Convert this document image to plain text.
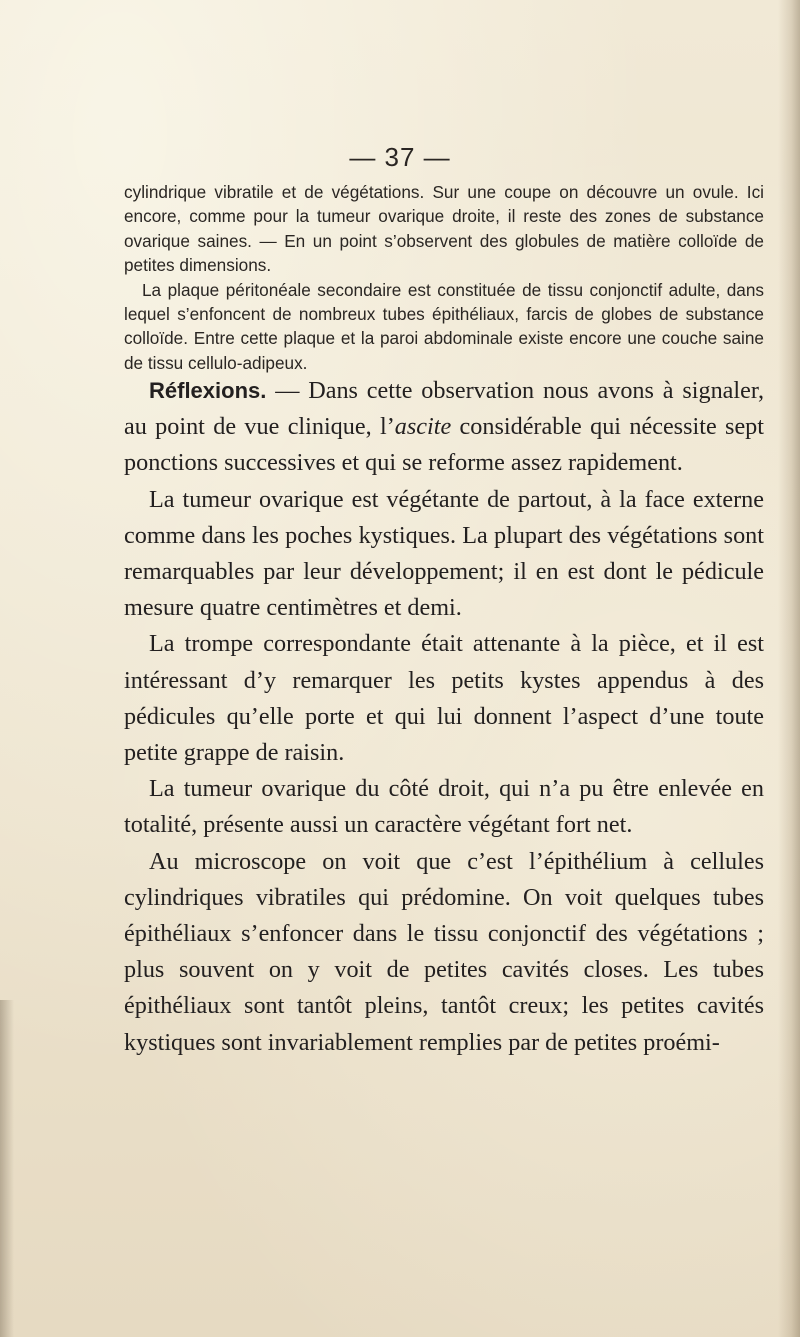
— 37 —

cylindrique vibratile et de végétations. Sur une coupe on découvre un ovule. Ici encore, comme pour la tumeur ovarique droite, il reste des zones de substance ovarique saines. — En un point s’observent des globules de matière colloïde de petites dimensions.

La plaque péritonéale secondaire est constituée de tissu conjonctif adulte, dans lequel s’enfoncent de nombreux tubes épithéliaux, farcis de globes de substance colloïde. Entre cette plaque et la paroi abdominale existe encore une couche saine de tissu cellulo-adipeux.

Réflexions. — Dans cette observation nous avons à signaler, au point de vue clinique, l’ascite considérable qui nécessite sept ponctions successives et qui se reforme assez rapidement.

La tumeur ovarique est végétante de partout, à la face externe comme dans les poches kystiques. La plupart des végétations sont remarquables par leur développement; il en est dont le pédicule mesure quatre centimètres et demi.

La trompe correspondante était attenante à la pièce, et il est intéressant d’y remarquer les petits kystes appendus à des pédicules qu’elle porte et qui lui donnent l’aspect d’une toute petite grappe de raisin.

La tumeur ovarique du côté droit, qui n’a pu être enlevée en totalité, présente aussi un caractère végétant fort net.

Au microscope on voit que c’est l’épithélium à cellules cylindriques vibratiles qui prédomine. On voit quelques tubes épithéliaux s’enfoncer dans le tissu conjonctif des végétations ; plus souvent on y voit de petites cavités closes. Les tubes épithéliaux sont tantôt pleins, tantôt creux; les petites cavités kystiques sont invariablement remplies par de petites proémi-
